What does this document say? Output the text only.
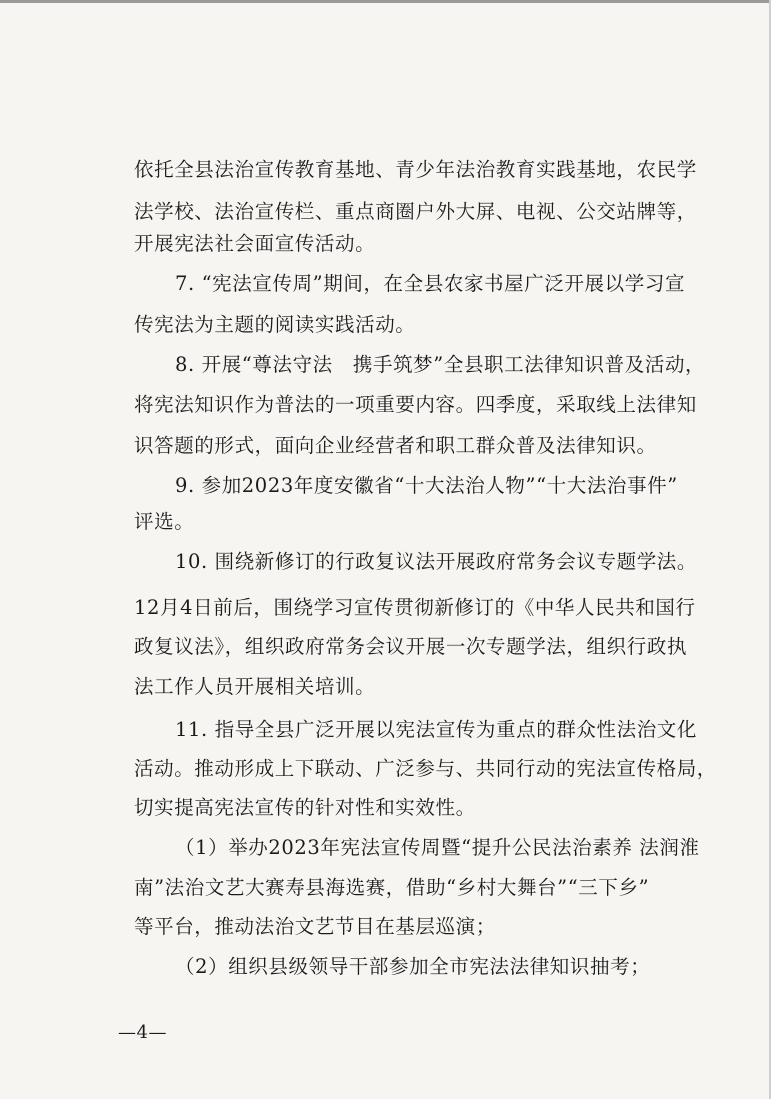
依托全县法治宣传教育基地、青少年法治教育实践基地，农民学
法学校、法治宣传栏、重点商圈户外大屏、电视、公交站牌等，
开展宪法社会面宣传活动。
7. “宪法宣传周”期间，在全县农家书屋广泛开展以学习宣
传宪法为主题的阅读实践活动。
8. 开展“尊法守法　携手筑梦”全县职工法律知识普及活动，
将宪法知识作为普法的一项重要内容。四季度，采取线上法律知
识答题的形式，面向企业经营者和职工群众普及法律知识。
9. 参加2023年度安徽省“十大法治人物”“十大法治事件”
评选。
10. 围绕新修订的行政复议法开展政府常务会议专题学法。
12月4日前后，围绕学习宣传贯彻新修订的《中华人民共和国行
政复议法》，组织政府常务会议开展一次专题学法，组织行政执
法工作人员开展相关培训。
11. 指导全县广泛开展以宪法宣传为重点的群众性法治文化
活动。推动形成上下联动、广泛参与、共同行动的宪法宣传格局，
切实提高宪法宣传的针对性和实效性。
（1）举办2023年宪法宣传周暨“提升公民法治素养 法润淮
南”法治文艺大赛寿县海选赛，借助“乡村大舞台”“三下乡”
等平台，推动法治文艺节目在基层巡演；
（2）组织县级领导干部参加全市宪法法律知识抽考；
—4—
